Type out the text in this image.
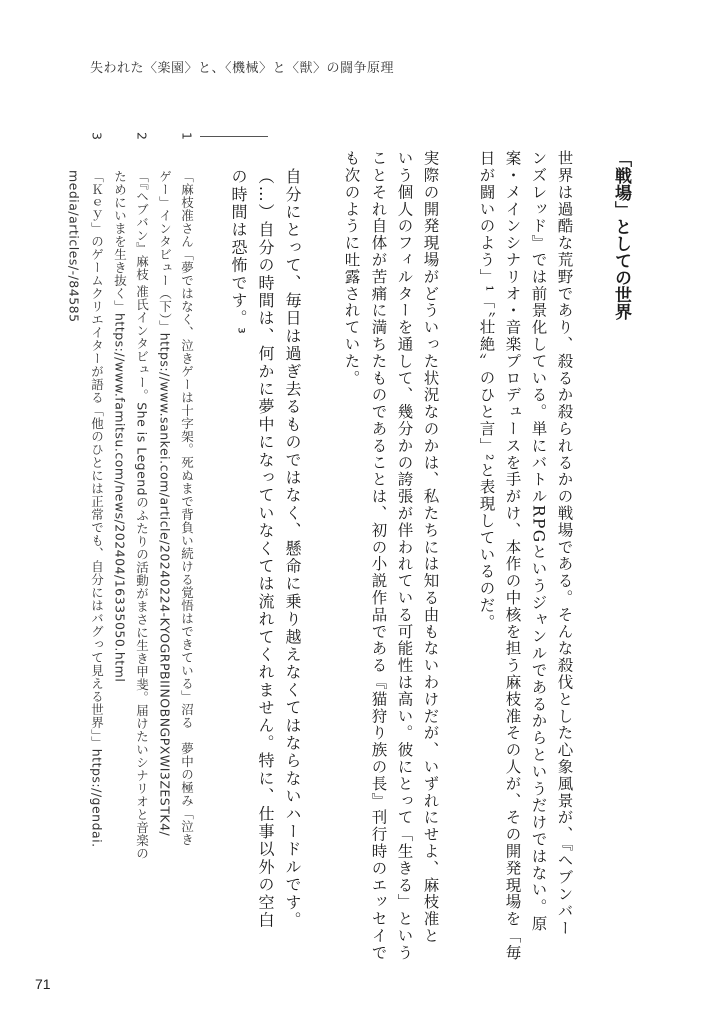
失われた〈楽園〉と、〈機械〉と〈獣〉の闘争原理
「戦場」としての世界
世界は過酷な荒野であり、殺るか殺られるかの戦場である。そんな殺伐とした心象風景が、『ヘブンバー
ンズレッド』では前景化している。単にバトルRPGというジャンルであるからというだけではない。原
案・メインシナリオ・音楽プロデュースを手がけ、本作の中核を担う麻枝准その人が、その開発現場を「毎
日が闘いのよう」¹「〝壮絶〟のひと言」²と表現しているのだ。
実際の開発現場がどういった状況なのかは、私たちには知る由もないわけだが、いずれにせよ、麻枝准と
いう個人のフィルターを通して、幾分かの誇張が伴われている可能性は高い。彼にとって「生きる」という
ことそれ自体が苦痛に満ちたものであることは、初の小説作品である『猫狩り族の長』刊行時のエッセイで
も次のように吐露されていた。
自分にとって、毎日は過ぎ去るものではなく、懸命に乗り越えなくてはならないハードルです。
（…）自分の時間は、何かに夢中になっていなくては流れてくれません。特に、仕事以外の空白
の時間は恐怖です。³
1
「麻枝准さん「夢ではなく、泣きゲーは十字架。死ぬまで背負い続ける覚悟はできている」沼る　夢中の極み「泣き
ゲー」インタビュー（下）」https://www.sankei.com/article/20240224-KYOGRPBIINOBNGPXWI3ZESTK4/
2
「『ヘブバン』麻枝 准氏インタビュー。She is Legendのふたりの活動がまさに生き甲斐。届けたいシナリオと音楽の
ためにいまを生き抜く」https://www.famitsu.com/news/202404/16335050.html
3
「Ｋｅｙ」のゲームクリエイターが語る「他のひとには正常でも、自分にはバグって見える世界」」https://gendai.
media/articles/-/84585
71
